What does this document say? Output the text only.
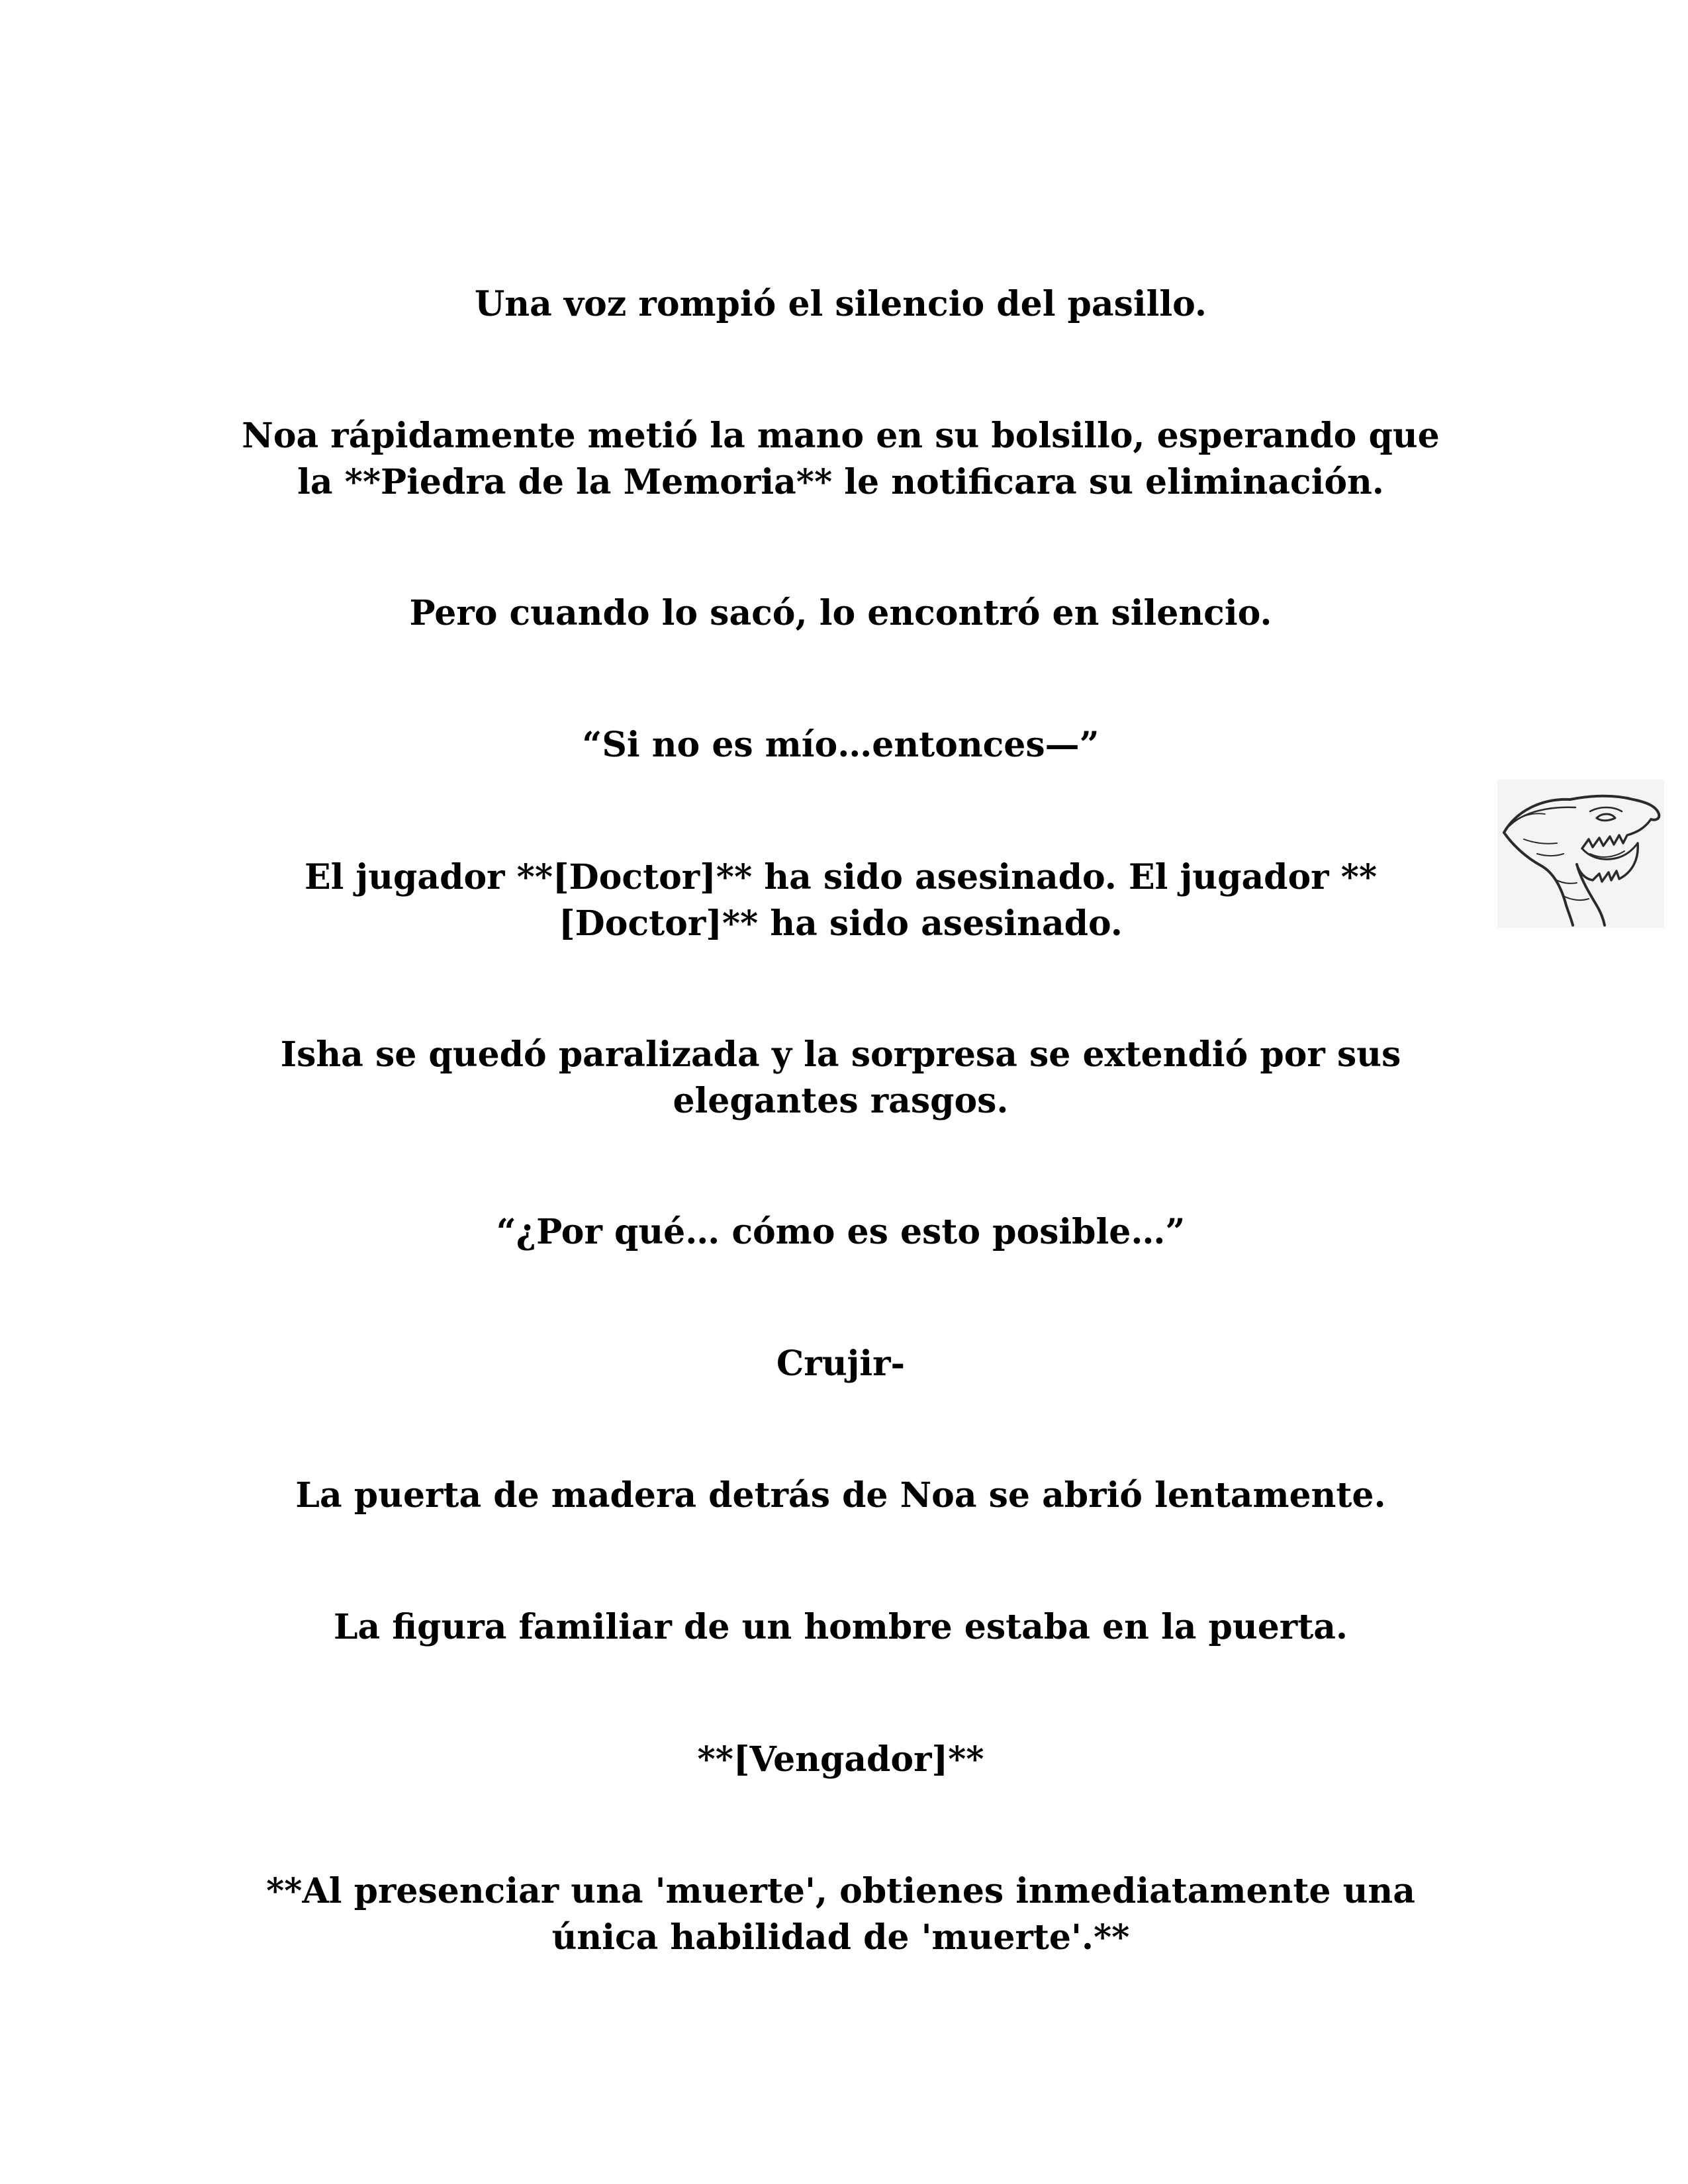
Una voz rompió el silencio del pasillo.

Noa rápidamente metió la mano en su bolsillo, esperando que la **Piedra de la Memoria** le notificara su eliminación.

Pero cuando lo sacó, lo encontró en silencio.

“Si no es mío…entonces—”

El jugador **[Doctor]** ha sido asesinado. El jugador **[Doctor]** ha sido asesinado.

Isha se quedó paralizada y la sorpresa se extendió por sus elegantes rasgos.

“¿Por qué… cómo es esto posible…”

Crujir-

La puerta de madera detrás de Noa se abrió lentamente.

La figura familiar de un hombre estaba en la puerta.

**[Vengador]**

**Al presenciar una 'muerte', obtienes inmediatamente una única habilidad de 'muerte'.**
